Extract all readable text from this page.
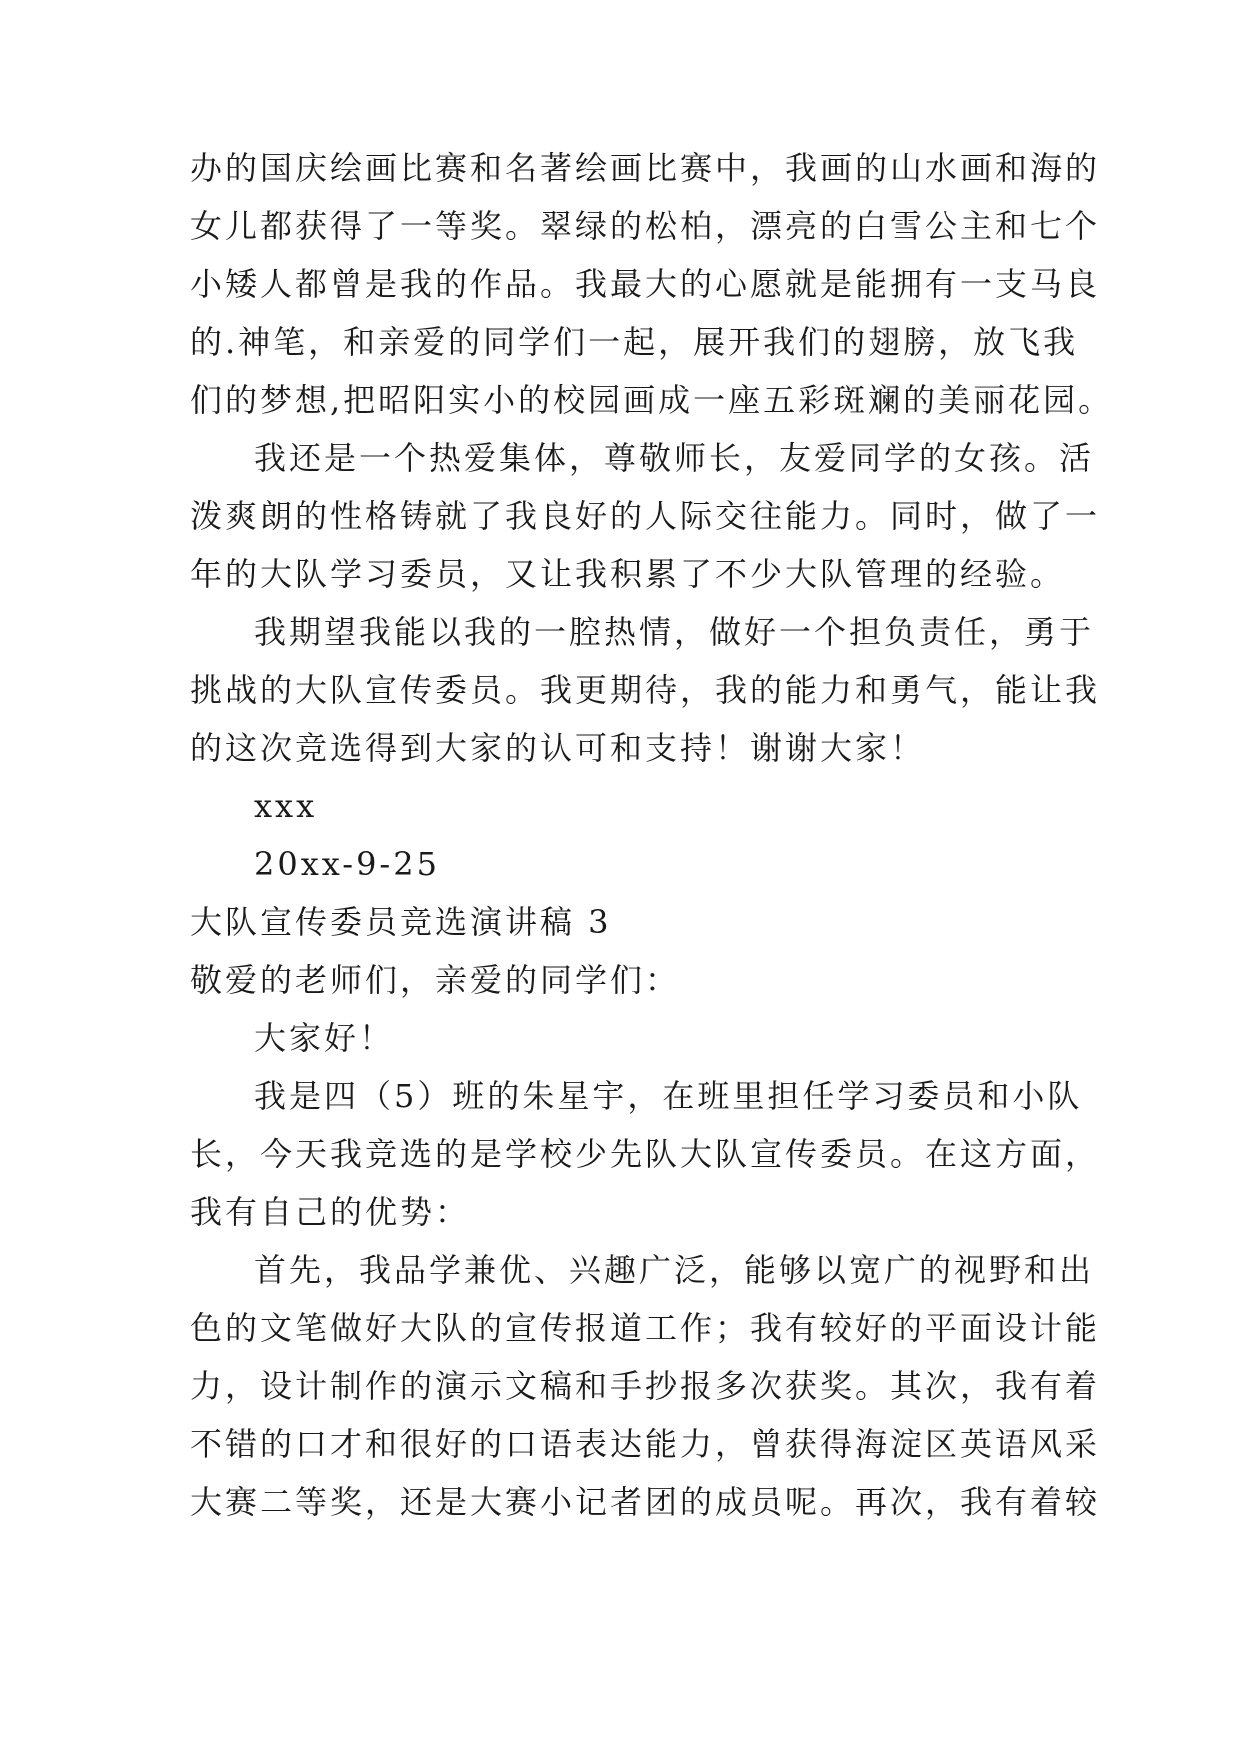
办的国庆绘画比赛和名著绘画比赛中，我画的山水画和海的
女儿都获得了一等奖。翠绿的松柏，漂亮的白雪公主和七个
小矮人都曾是我的作品。我最大的心愿就是能拥有一支马良
的.神笔，和亲爱的同学们一起，展开我们的翅膀，放飞我
们的梦想,把昭阳实小的校园画成一座五彩斑斓的美丽花园。
我还是一个热爱集体，尊敬师长，友爱同学的女孩。活
泼爽朗的性格铸就了我良好的人际交往能力。同时，做了一
年的大队学习委员，又让我积累了不少大队管理的经验。
我期望我能以我的一腔热情，做好一个担负责任，勇于
挑战的大队宣传委员。我更期待，我的能力和勇气，能让我
的这次竞选得到大家的认可和支持！谢谢大家！
xxx
20xx-9-25
大队宣传委员竞选演讲稿 3
敬爱的老师们，亲爱的同学们：
大家好！
我是四（5）班的朱星宇，在班里担任学习委员和小队
长，今天我竞选的是学校少先队大队宣传委员。在这方面，
我有自己的优势：
首先，我品学兼优、兴趣广泛，能够以宽广的视野和出
色的文笔做好大队的宣传报道工作；我有较好的平面设计能
力，设计制作的演示文稿和手抄报多次获奖。其次，我有着
不错的口才和很好的口语表达能力，曾获得海淀区英语风采
大赛二等奖，还是大赛小记者团的成员呢。再次，我有着较
